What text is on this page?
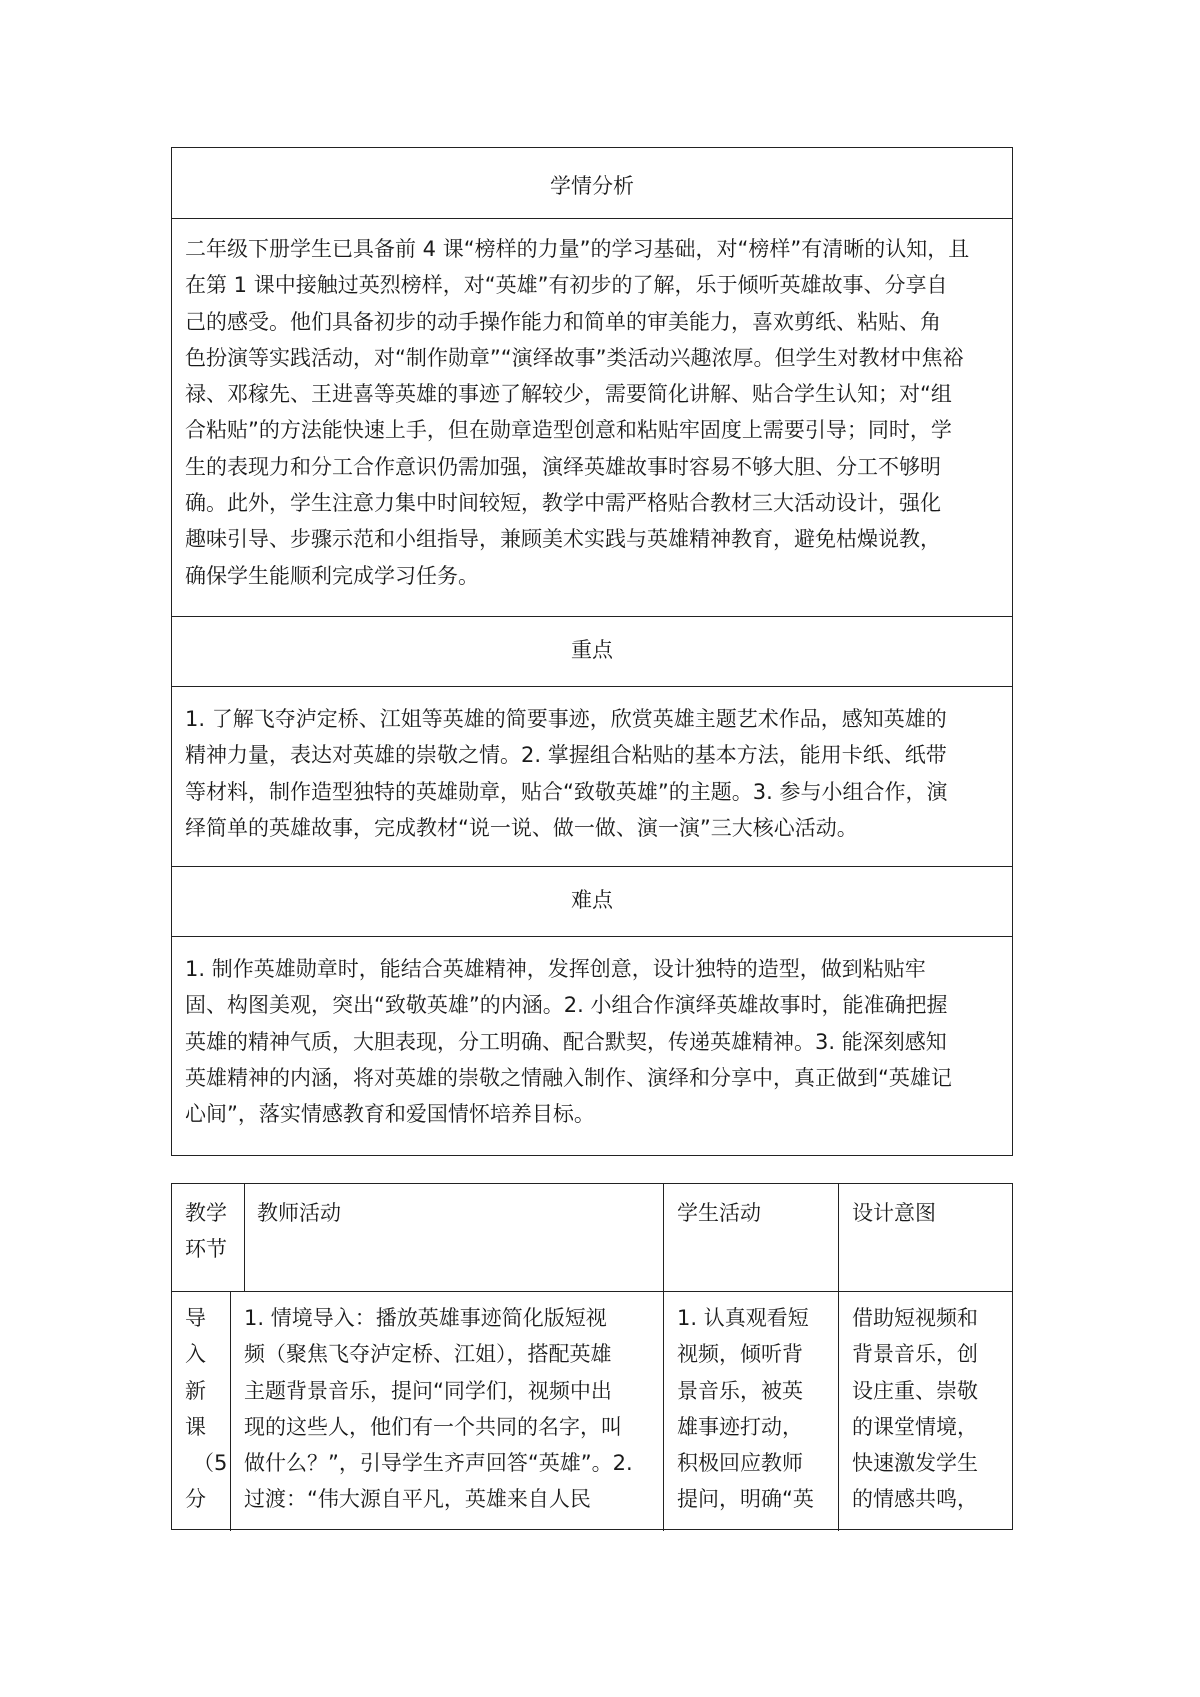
学情分析
二年级下册学生已具备前 4 课“榜样的力量”的学习基础，对“榜样”有清晰的认知，且
在第 1 课中接触过英烈榜样，对“英雄”有初步的了解，乐于倾听英雄故事、分享自
己的感受。他们具备初步的动手操作能力和简单的审美能力，喜欢剪纸、粘贴、角
色扮演等实践活动，对“制作勋章”“演绎故事”类活动兴趣浓厚。但学生对教材中焦裕
禄、邓稼先、王进喜等英雄的事迹了解较少，需要简化讲解、贴合学生认知；对“组
合粘贴”的方法能快速上手，但在勋章造型创意和粘贴牢固度上需要引导；同时，学
生的表现力和分工合作意识仍需加强，演绎英雄故事时容易不够大胆、分工不够明
确。此外，学生注意力集中时间较短，教学中需严格贴合教材三大活动设计，强化
趣味引导、步骤示范和小组指导，兼顾美术实践与英雄精神教育，避免枯燥说教，
确保学生能顺利完成学习任务。
重点
1. 了解飞夺泸定桥、江姐等英雄的简要事迹，欣赏英雄主题艺术作品，感知英雄的
精神力量，表达对英雄的崇敬之情。2. 掌握组合粘贴的基本方法，能用卡纸、纸带
等材料，制作造型独特的英雄勋章，贴合“致敬英雄”的主题。3. 参与小组合作，演
绎简单的英雄故事，完成教材“说一说、做一做、演一演”三大核心活动。
难点
1. 制作英雄勋章时，能结合英雄精神，发挥创意，设计独特的造型，做到粘贴牢
固、构图美观，突出“致敬英雄”的内涵。2. 小组合作演绎英雄故事时，能准确把握
英雄的精神气质，大胆表现，分工明确、配合默契，传递英雄精神。3. 能深刻感知
英雄精神的内涵，将对英雄的崇敬之情融入制作、演绎和分享中，真正做到“英雄记
心间”，落实情感教育和爱国情怀培养目标。
教学
环节
教师活动	学生活动	设计意图
导
入
新
课
（5
分
1. 情境导入：播放英雄事迹简化版短视
频（聚焦飞夺泸定桥、江姐），搭配英雄
主题背景音乐，提问“同学们，视频中出
现的这些人，他们有一个共同的名字，叫
做什么？”，引导学生齐声回答“英雄”。2.
过渡：“伟大源自平凡，英雄来自人民
1. 认真观看短
视频，倾听背
景音乐，被英
雄事迹打动，
积极回应教师
提问，明确“英
借助短视频和
背景音乐，创
设庄重、崇敬
的课堂情境，
快速激发学生
的情感共鸣，
